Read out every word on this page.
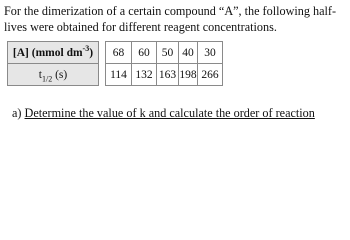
For the dimerization of a certain compound “A”, the following half-lives were obtained for different reagent concentrations.

[A] (mmol $dm^{-3}$)		68	60	50	40	30
$t_{1/2}$ (s)		114	132	163	198	266

a) Determine the value of k and calculate the order of reaction
